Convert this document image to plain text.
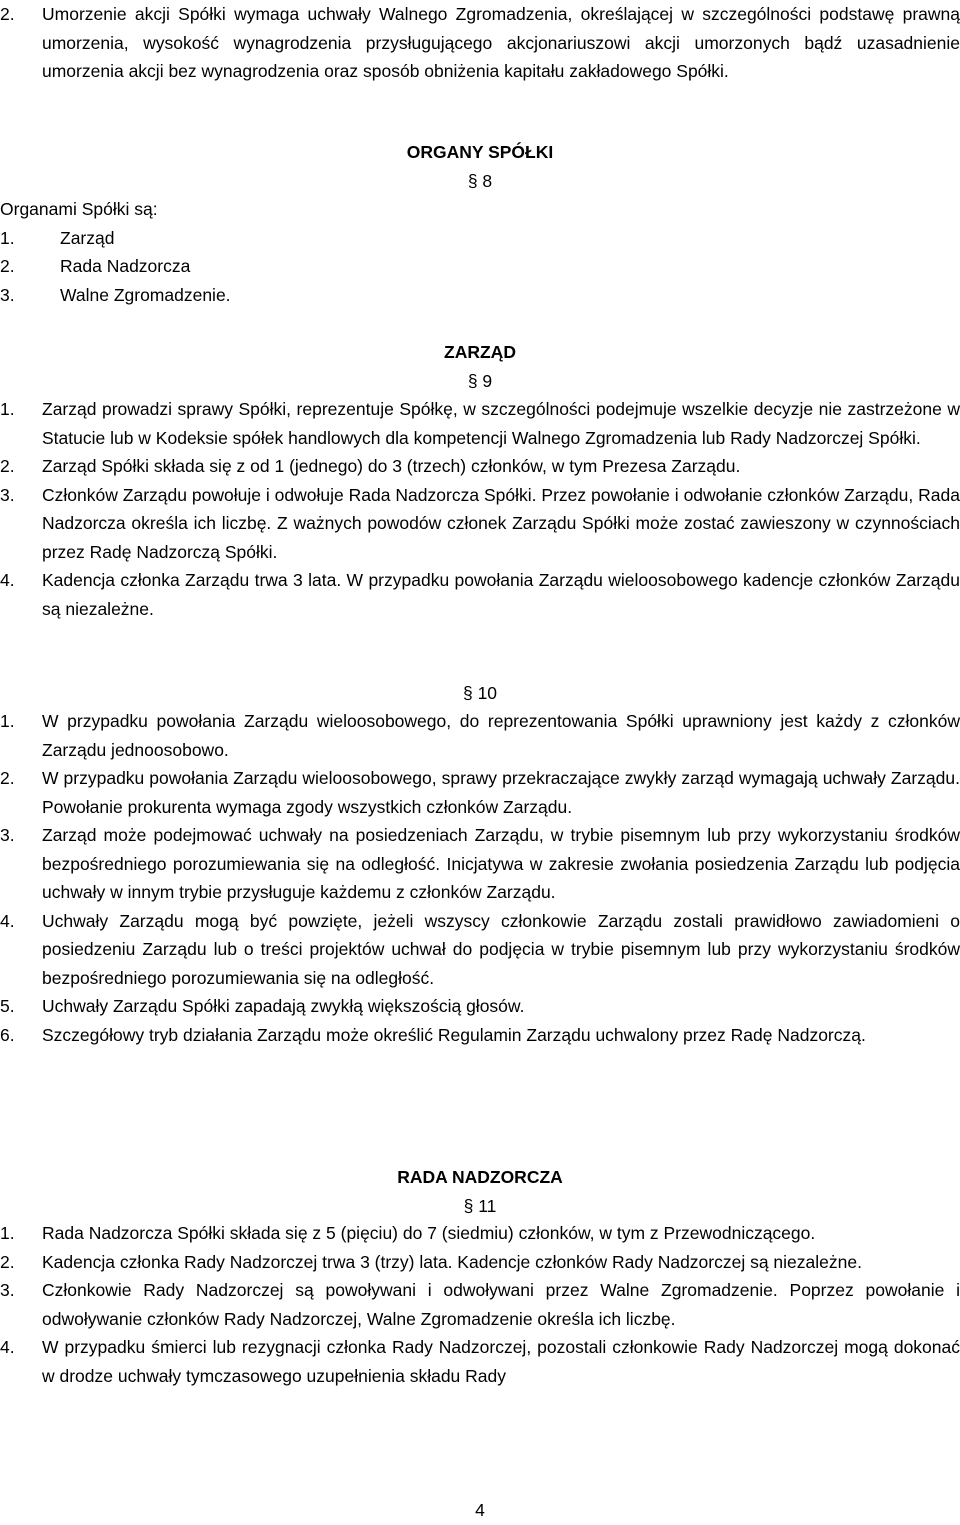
2. Umorzenie akcji Spółki wymaga uchwały Walnego Zgromadzenia, określającej w szczególności podstawę prawną umorzenia, wysokość wynagrodzenia przysługującego akcjonariuszowi akcji umorzonych bądź uzasadnienie umorzenia akcji bez wynagrodzenia oraz sposób obniżenia kapitału zakładowego Spółki.
ORGANY SPÓŁKI
§ 8
Organami Spółki są:
1.	Zarząd
2.	Rada Nadzorcza
3.	Walne Zgromadzenie.
ZARZĄD
§ 9
1. Zarząd prowadzi sprawy Spółki, reprezentuje Spółkę, w szczególności podejmuje wszelkie decyzje nie zastrzeżone w Statucie lub w Kodeksie spółek handlowych dla kompetencji Walnego Zgromadzenia lub Rady Nadzorczej Spółki.
2. Zarząd Spółki składa się z od 1 (jednego) do 3 (trzech) członków, w tym Prezesa Zarządu.
3. Członków Zarządu powołuje i odwołuje Rada Nadzorcza Spółki. Przez powołanie i odwołanie członków Zarządu, Rada Nadzorcza określa ich liczbę. Z ważnych powodów członek Zarządu Spółki może zostać zawieszony w czynnościach przez Radę Nadzorczą Spółki.
4. Kadencja członka Zarządu trwa 3 lata. W przypadku powołania Zarządu wieloosobowego kadencje członków Zarządu są niezależne.
§ 10
1. W przypadku powołania Zarządu wieloosobowego, do reprezentowania Spółki uprawniony jest każdy z członków Zarządu jednoosobowo.
2. W przypadku powołania Zarządu wieloosobowego, sprawy przekraczające zwykły zarząd wymagają uchwały Zarządu. Powołanie prokurenta wymaga zgody wszystkich członków Zarządu.
3. Zarząd może podejmować uchwały na posiedzeniach Zarządu, w trybie pisemnym lub przy wykorzystaniu środków bezpośredniego porozumiewania się na odległość. Inicjatywa w zakresie zwołania posiedzenia Zarządu lub podjęcia uchwały w innym trybie przysługuje każdemu z członków Zarządu.
4. Uchwały Zarządu mogą być powzięte, jeżeli wszyscy członkowie Zarządu zostali prawidłowo zawiadomieni o posiedzeniu Zarządu lub o treści projektów uchwał do podjęcia w trybie pisemnym lub przy wykorzystaniu środków bezpośredniego porozumiewania się na odległość.
5. Uchwały Zarządu Spółki zapadają zwykłą większością głosów.
6. Szczegółowy tryb działania Zarządu może określić Regulamin Zarządu uchwalony przez Radę Nadzorczą.
RADA NADZORCZA
§ 11
1. Rada Nadzorcza Spółki składa się z 5 (pięciu) do 7 (siedmiu) członków, w tym z Przewodniczącego.
2. Kadencja członka Rady Nadzorczej trwa 3 (trzy) lata. Kadencje członków Rady Nadzorczej są niezależne.
3. Członkowie Rady Nadzorczej są powoływani i odwoływani przez Walne Zgromadzenie. Poprzez powołanie i odwoływanie członków Rady Nadzorczej, Walne Zgromadzenie określa ich liczbę.
4. W przypadku śmierci lub rezygnacji członka Rady Nadzorczej, pozostali członkowie Rady Nadzorczej mogą dokonać w drodze uchwały tymczasowego uzupełnienia składu Rady
4
